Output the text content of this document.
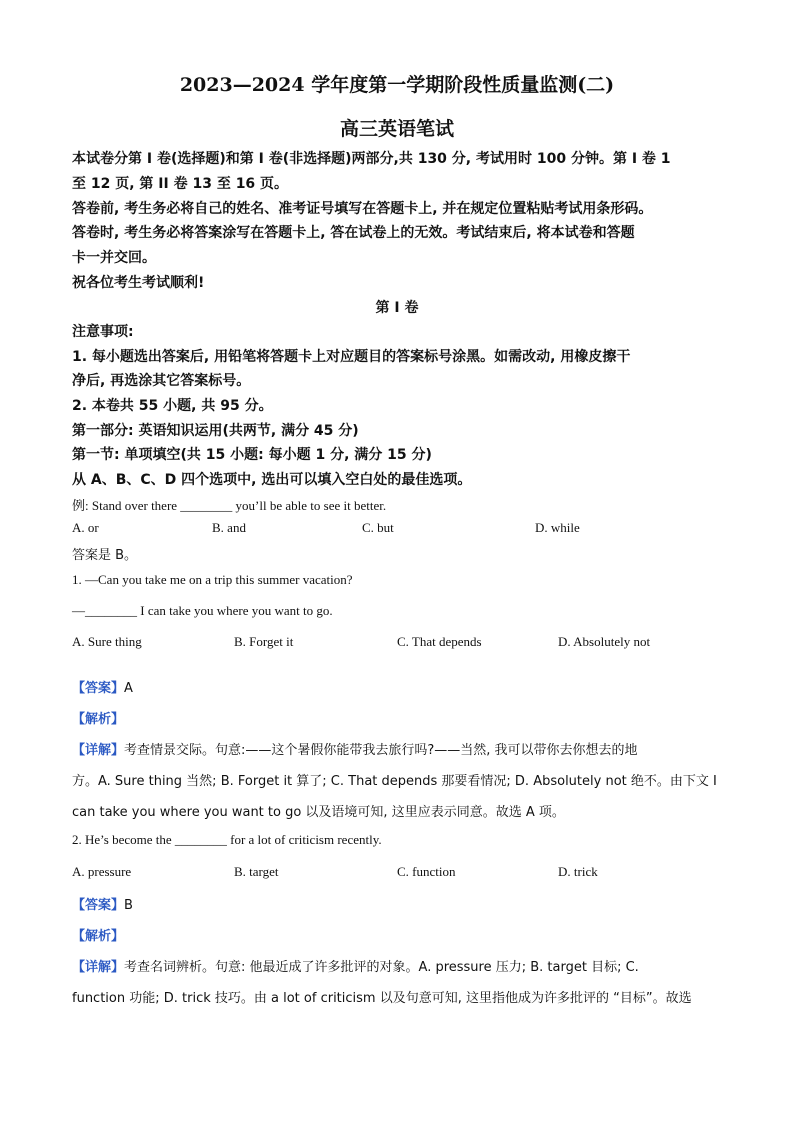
2023—2024 学年度第一学期阶段性质量监测(二)
高三英语笔试
本试卷分第 I 卷(选择题)和第 I 卷(非选择题)两部分,共 130 分, 考试用时 100 分钟。第 I 卷 1
至 12 页, 第 II 卷 13 至 16 页。
答卷前, 考生务必将自己的姓名、准考证号填写在答题卡上, 并在规定位置粘贴考试用条形码。
答卷时, 考生务必将答案涂写在答题卡上, 答在试卷上的无效。考试结束后, 将本试卷和答题
卡一并交回。
祝各位考生考试顺利!
第 I 卷
注意事项:
1. 每小题选出答案后, 用铅笔将答题卡上对应题目的答案标号涂黑。如需改动, 用橡皮擦干
净后, 再选涂其它答案标号。
2. 本卷共 55 小题, 共 95 分。
第一部分: 英语知识运用(共两节, 满分 45 分)
第一节: 单项填空(共 15 小题: 每小题 1 分, 满分 15 分)
从 A、B、C、D 四个选项中, 选出可以填入空白处的最佳选项。
例: Stand over there ________ you’ll be able to see it better.
A. or	B. and	C. but	D. while
答案是 B。
1. —Can you take me on a trip this summer vacation?
—________ I can take you where you want to go.
A. Sure thing	B. Forget it	C. That depends	D. Absolutely not
【答案】A
【解析】
【详解】考查情景交际。句意:——这个暑假你能带我去旅行吗?——当然, 我可以带你去你想去的地
方。A. Sure thing 当然; B. Forget it 算了; C. That depends 那要看情况; D. Absolutely not 绝不。由下文 I
can take you where you want to go 以及语境可知, 这里应表示同意。故选 A 项。
2. He’s become the ________ for a lot of criticism recently.
A. pressure	B. target	C. function	D. trick
【答案】B
【解析】
【详解】考查名词辨析。句意: 他最近成了许多批评的对象。A. pressure 压力; B. target 目标; C.
function 功能; D. trick 技巧。由 a lot of criticism 以及句意可知, 这里指他成为许多批评的 “目标”。故选
